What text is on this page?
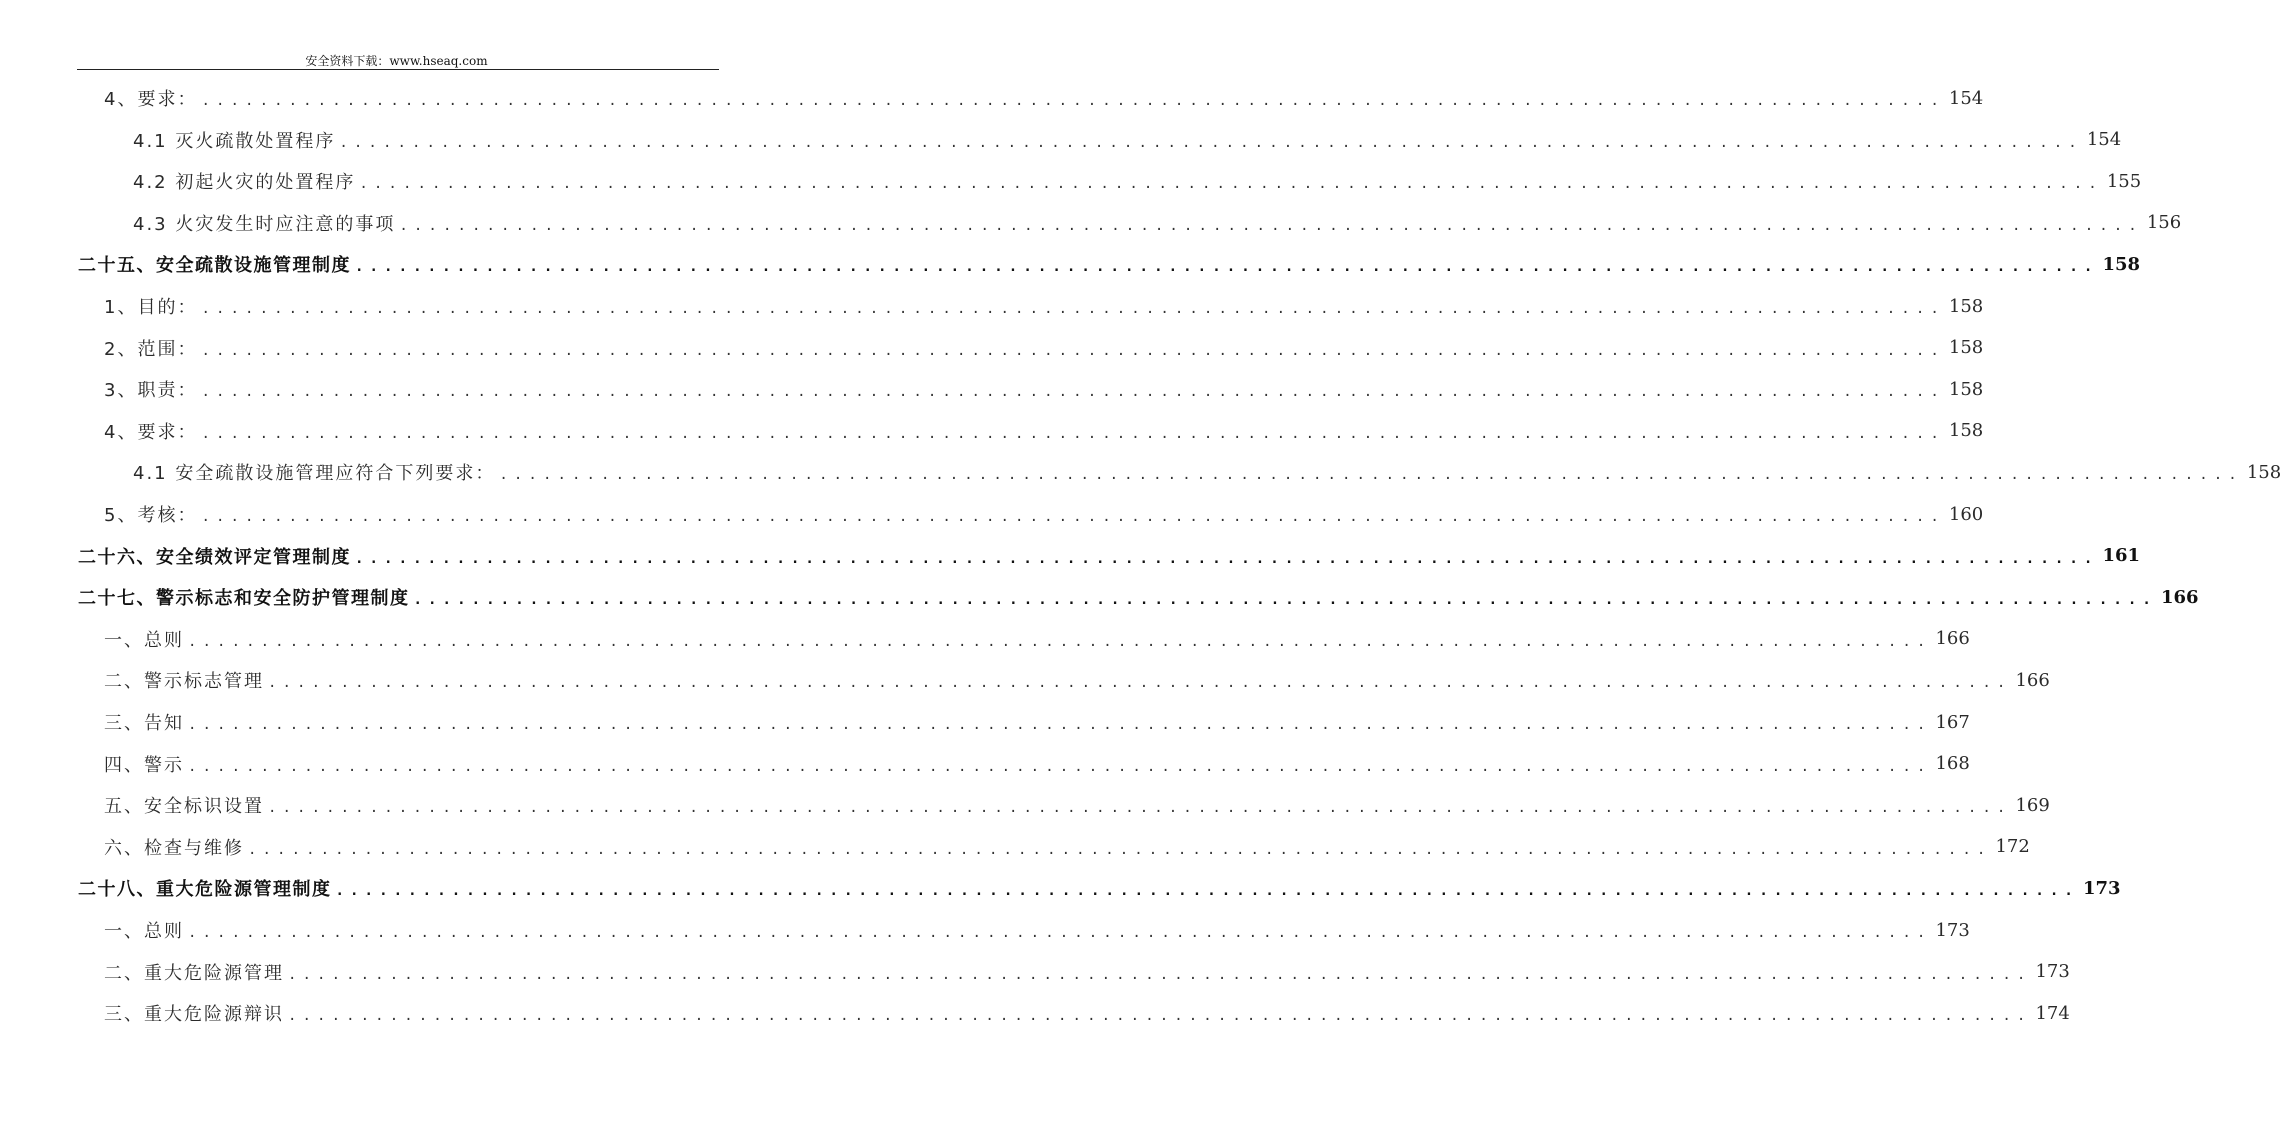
安全资料下载：www.hseaq.com
4、要求： ........................................................................................................................ 154
4.1 灭火疏散处置程序 ........................................................................................................................ 154
4.2 初起火灾的处置程序 ........................................................................................................................ 155
4.3 火灾发生时应注意的事项 ........................................................................................................................ 156
二十五、安全疏散设施管理制度 ........................................................................................................................ 158
1、目的： ........................................................................................................................ 158
2、范围： ........................................................................................................................ 158
3、职责： ........................................................................................................................ 158
4、要求： ........................................................................................................................ 158
4.1 安全疏散设施管理应符合下列要求： ........................................................................................................................ 158
5、考核： ........................................................................................................................ 160
二十六、安全绩效评定管理制度 ........................................................................................................................ 161
二十七、警示标志和安全防护管理制度 ........................................................................................................................ 166
一、总则 ........................................................................................................................ 166
二、警示标志管理 ........................................................................................................................ 166
三、告知 ........................................................................................................................ 167
四、警示 ........................................................................................................................ 168
五、安全标识设置 ........................................................................................................................ 169
六、检查与维修 ........................................................................................................................ 172
二十八、重大危险源管理制度 ........................................................................................................................ 173
一、总则 ........................................................................................................................ 173
二、重大危险源管理 ........................................................................................................................ 173
三、重大危险源辩识 ........................................................................................................................ 174
